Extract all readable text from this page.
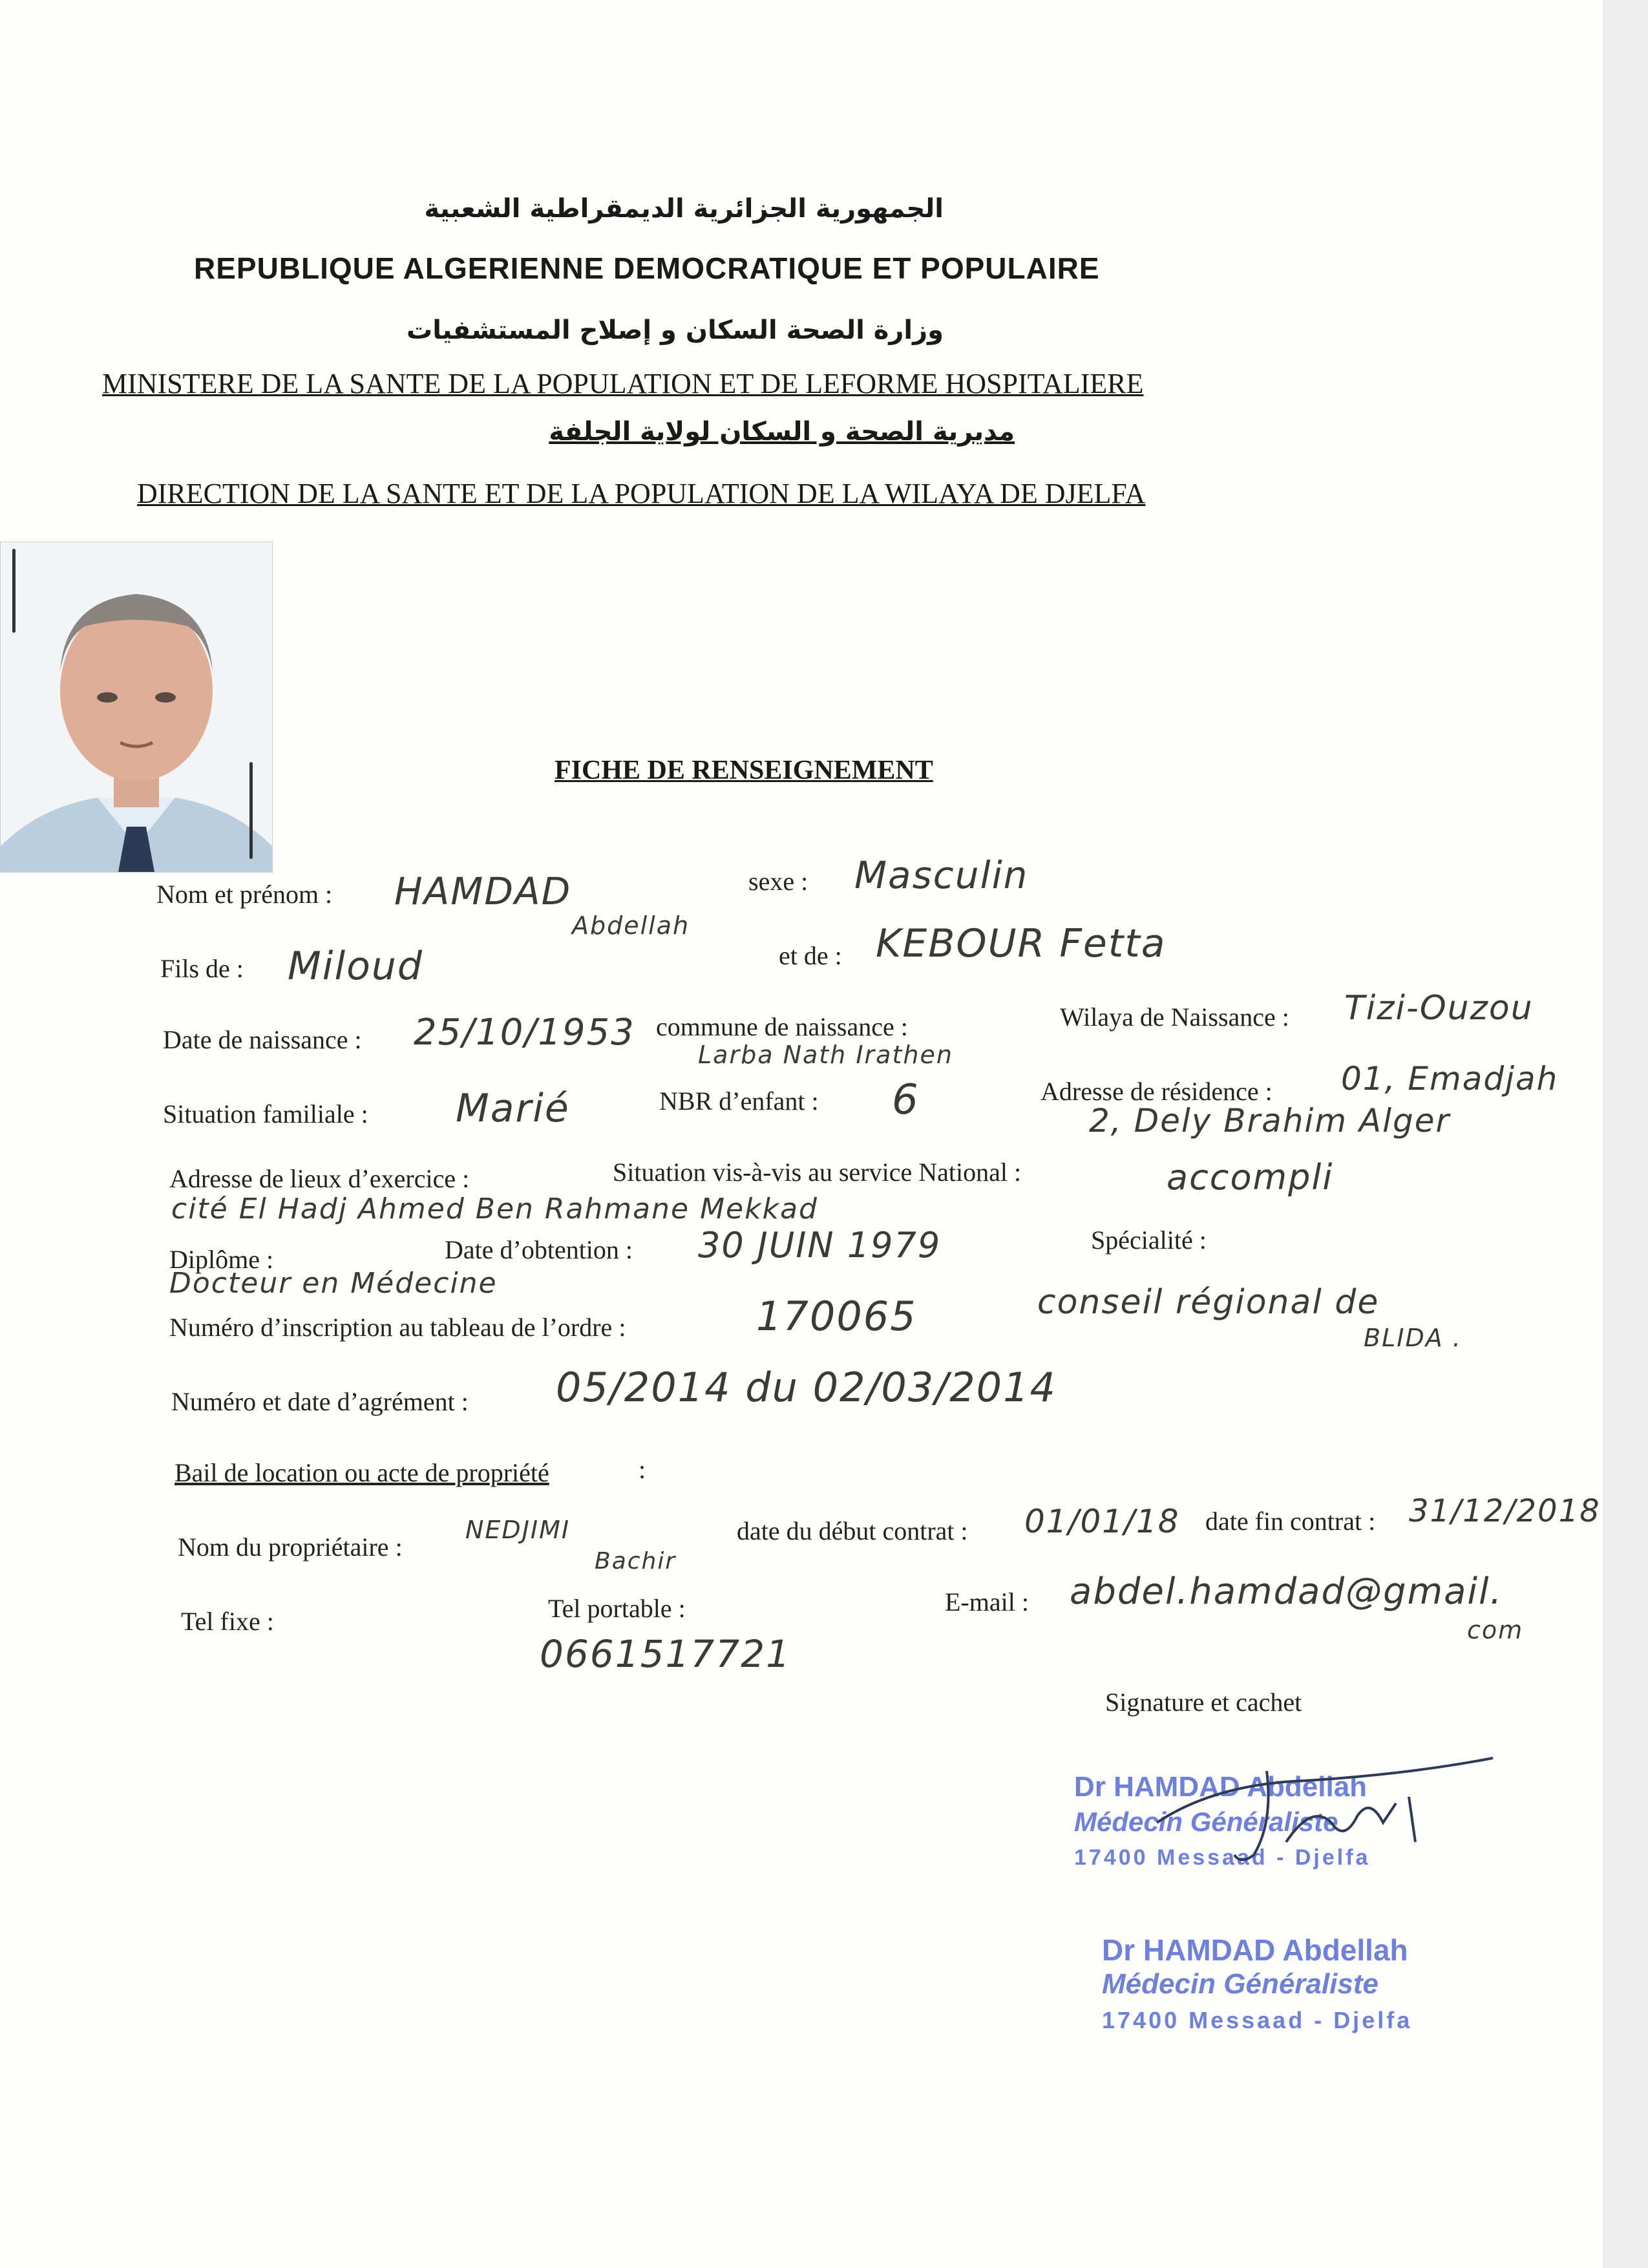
الجمهورية الجزائرية الديمقراطية الشعبية
REPUBLIQUE ALGERIENNE DEMOCRATIQUE ET POPULAIRE
وزارة الصحة السكان و إصلاح المستشفيات
MINISTERE DE LA SANTE DE LA POPULATION ET DE LEFORME HOSPITALIERE
مديرية الصحة و السكان لولاية الجلفة
DIRECTION DE LA SANTE ET DE LA POPULATION DE LA WILAYA DE DJELFA
FICHE DE RENSEIGNEMENT
Nom et prénom : HAMDAD
Abdellah
sexe : Masculin
Fils de : Miloud	et de : KEBOUR Fetta
Date de naissance : 25/10/1953 commune de naissance :
Larba Nath Irathen
Wilaya de Naissance : Tizi-Ouzou
Situation familiale : Marié	NBR d’enfant : 6	Adresse de résidence : 01, Emadjah
2, Dely Brahim Alger
Adresse de lieux d’exercice :
cité El Hadj Ahmed Ben Rahmane Mekkad
Situation vis-à-vis au service National :	accompli
Diplôme :
Docteur en Médecine
Date d’obtention : 30 JUIN 1979	Spécialité :
Numéro d’inscription au tableau de l’ordre :	170065	conseil régional de
BLIDA .
Numéro et date d’agrément : 05/2014 du 02/03/2014
Bail de location ou acte de propriété	:
Nom du propriétaire :
NEDJIMI
Bachir
date du début contrat : 01/01/18 date fin contrat : 31/12/2018
Tel fixe :	Tel portable :
0661517721
E-mail : abdel.hamdad@gmail.
com
Signature et cachet
Dr HAMDAD Abdellah
Médecin Généraliste
17400 Messaad - Djelfa
Dr HAMDAD Abdellah
Médecin Généraliste
17400 Messaad - Djelfa
